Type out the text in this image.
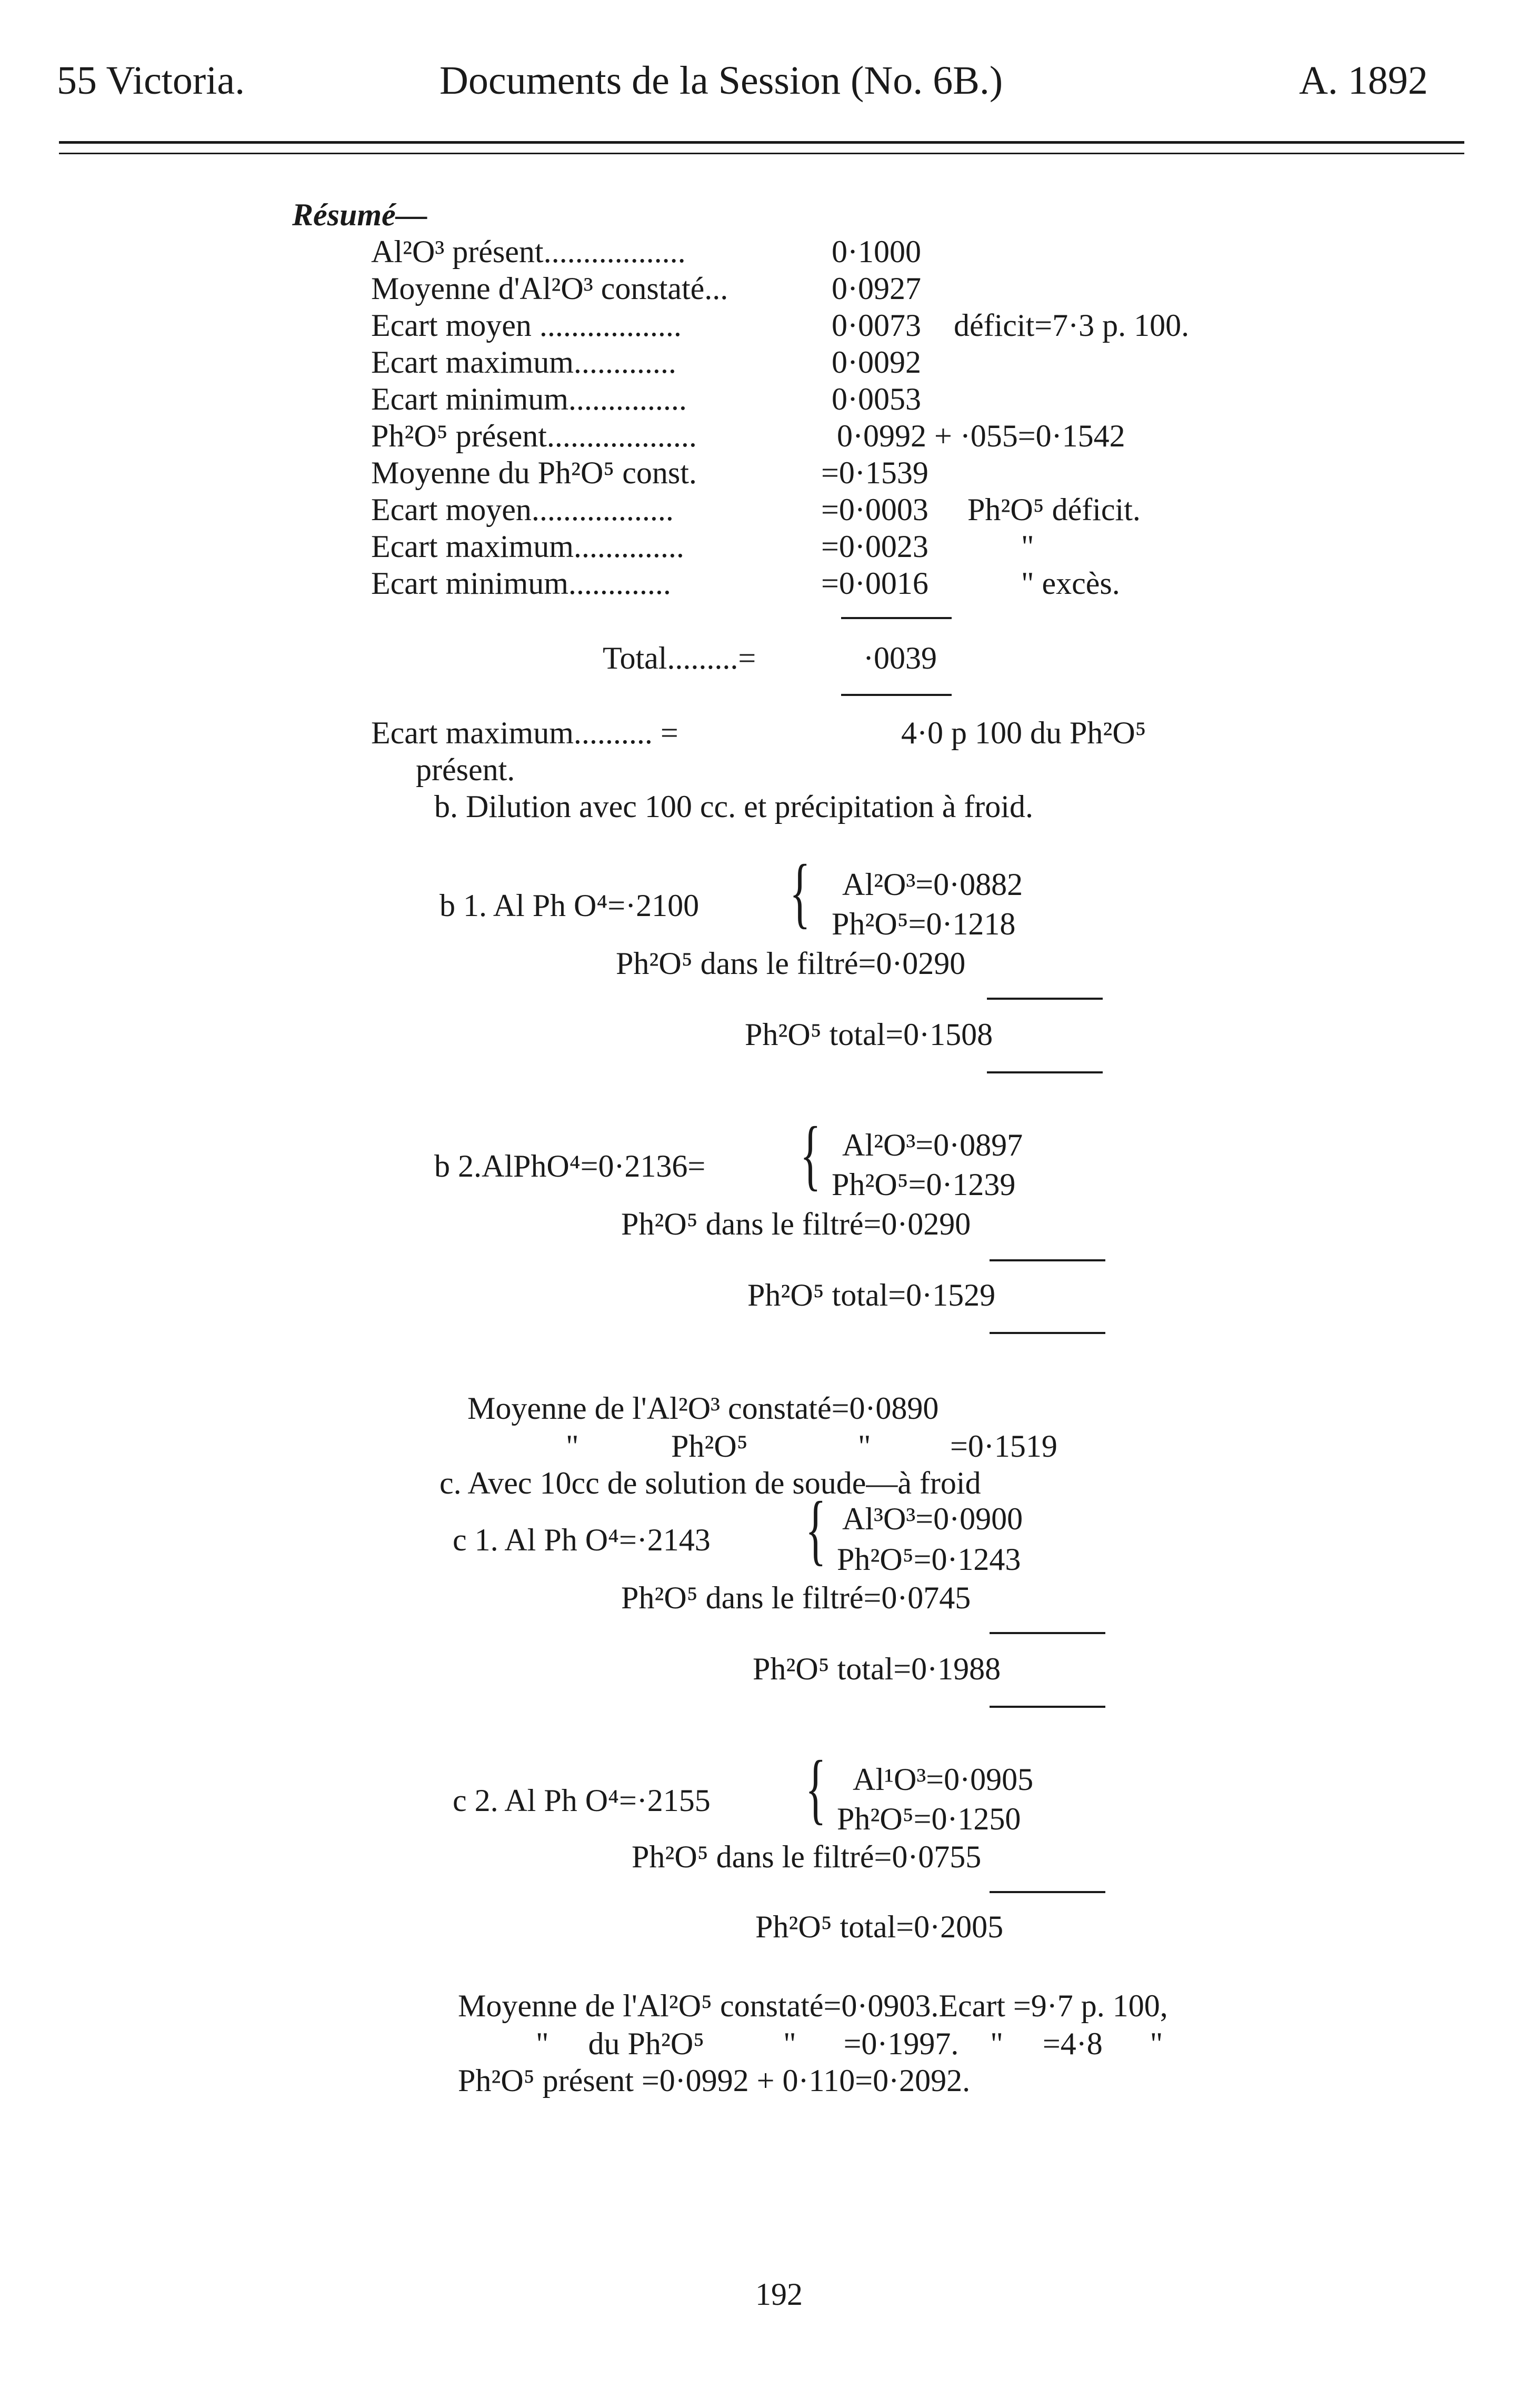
55 Victoria.	Documents de la Session (No. 6B.)	A. 1892
Résumé—
Al²O³ présent..................	0·1000
Moyenne d'Al²O³ constaté...	0·0927
Ecart moyen ..................	0·0073 déficit=7·3 p. 100.
Ecart maximum.............	0·0092
Ecart minimum...............	0·0053
Ph²O⁵ présent...................	0·0992 + ·055=0·1542
Moyenne du Ph²O⁵ const.	=0·1539
Ecart moyen..................	=0·0003 Ph²O⁵ déficit.
Ecart maximum..............	=0·0023	"
Ecart minimum.............	=0·0016	" excès.
Total.........=	·0039
Ecart maximum.......... =	4·0 p 100 du Ph²O⁵
présent.
b. Dilution avec 100 cc. et précipitation à froid.
b 1. Al Ph O⁴=·2100 { Al²O³=0·0882
Ph²O⁵=0·1218
Ph²O⁵ dans le filtré=0·0290
Ph²O⁵ total=0·1508
b 2.AlPhO⁴=0·2136= { Al²O³=0·0897
Ph²O⁵=0·1239
Ph²O⁵ dans le filtré=0·0290
Ph²O⁵ total=0·1529
Moyenne de l'Al²O³ constaté=0·0890
"	Ph²O⁵	"	=0·1519
c. Avec 10cc de solution de soude—à froid
c 1. Al Ph O⁴=·2143 { Al³O³=0·0900
Ph²O⁵=0·1243
Ph²O⁵ dans le filtré=0·0745
Ph²O⁵ total=0·1988
c 2. Al Ph O⁴=·2155 { Al¹O³=0·0905
Ph²O⁵=0·1250
Ph²O⁵ dans le filtré=0·0755
Ph²O⁵ total=0·2005
Moyenne de l'Al²O⁵ constaté=0·0903.Ecart =9·7 p. 100,
"     du Ph²O⁵          "      =0·1997.    "     =4·8      "
Ph²O⁵ présent =0·0992 + 0·110=0·2092.
192
